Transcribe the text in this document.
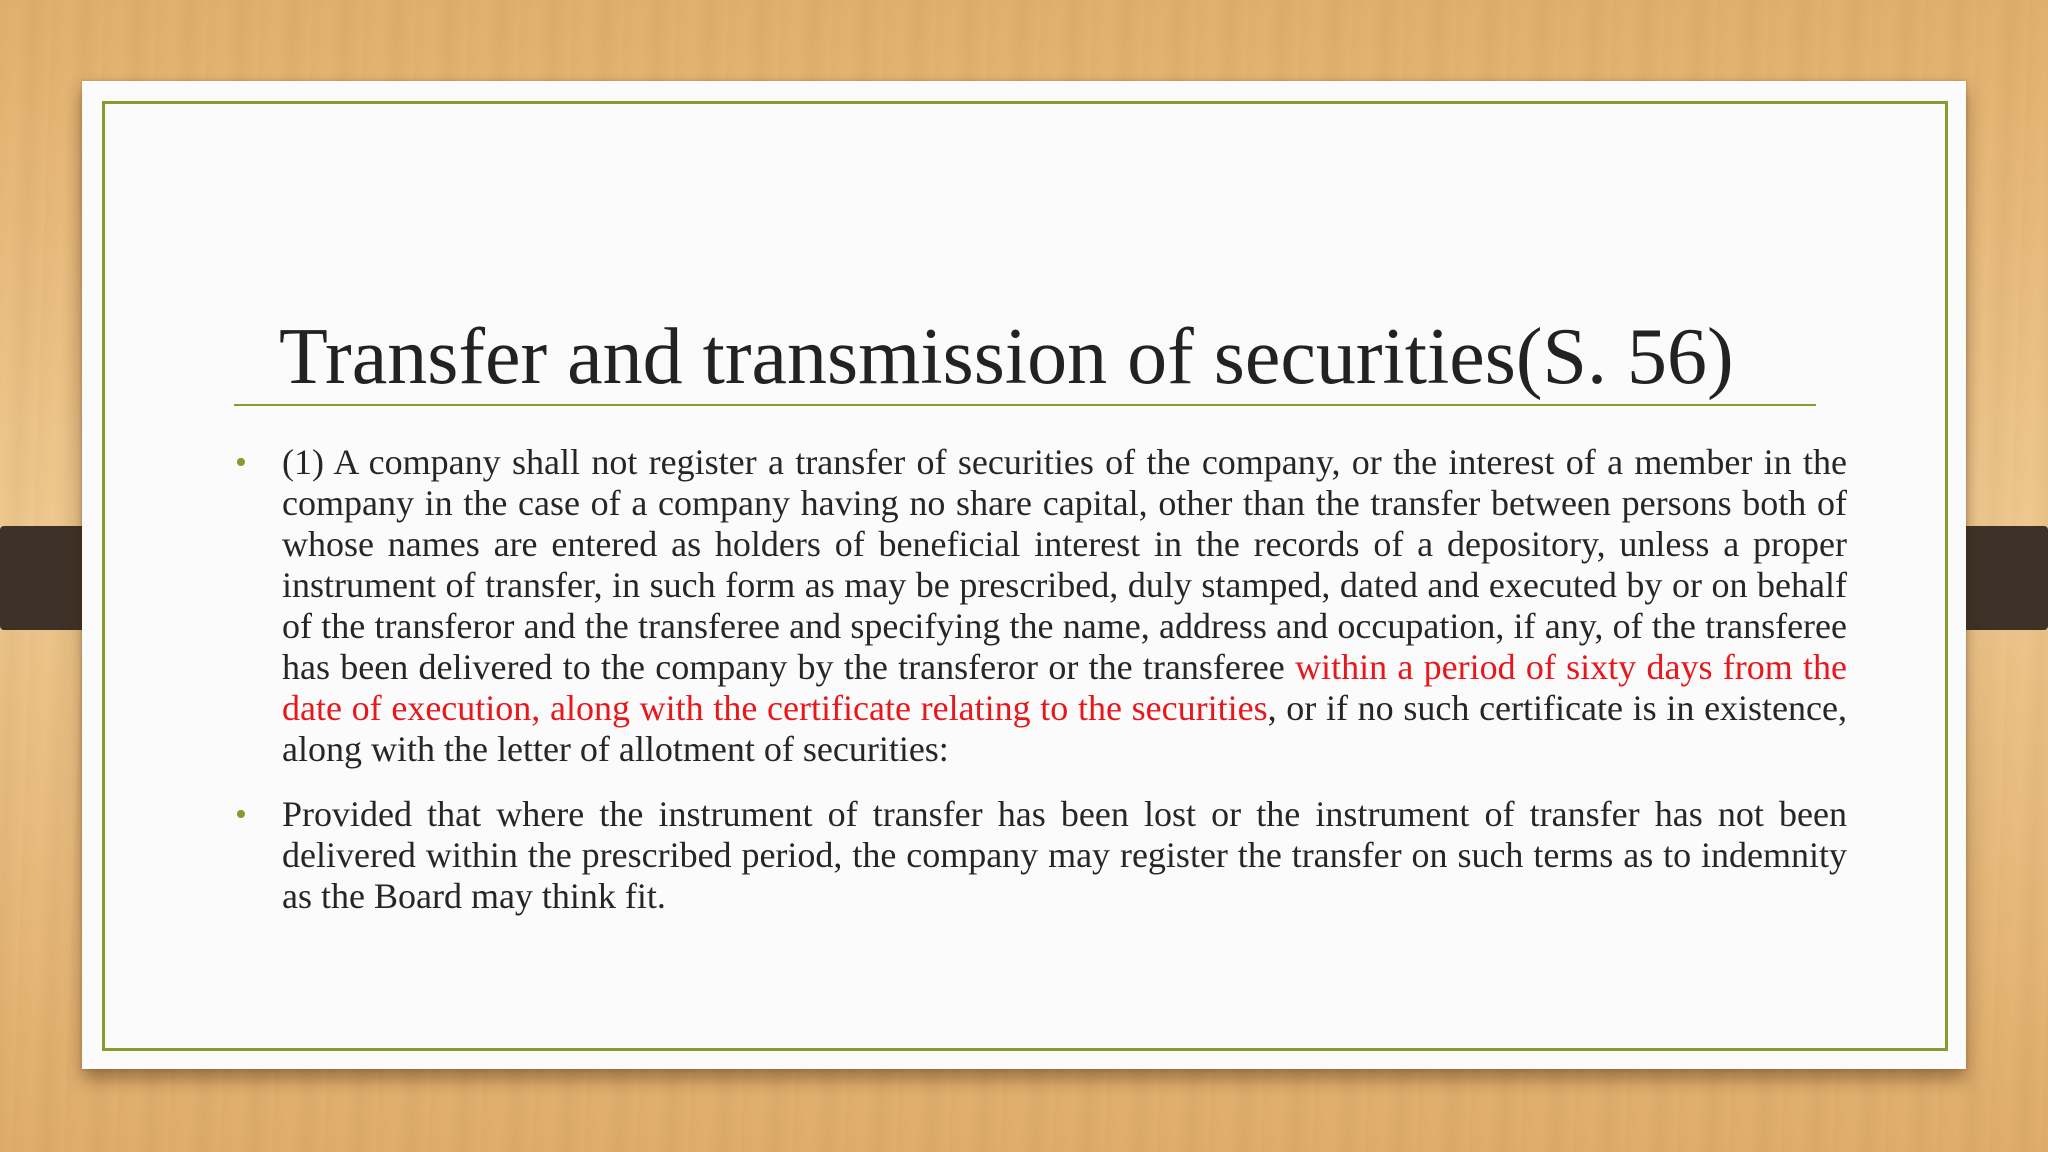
Transfer and transmission of securities(S. 56)
• (1) A company shall not register a transfer of securities of the company, or the interest of a member in the company in the case of a company having no share capital, other than the transfer between persons both of whose names are entered as holders of beneficial interest in the records of a depository, unless a proper instrument of transfer, in such form as may be prescribed, duly stamped, dated and executed by or on behalf of the transferor and the transferee and specifying the name, address and occupation, if any, of the transferee has been delivered to the company by the transferor or the transferee within a period of sixty days from the date of execution, along with the certificate relating to the securities, or if no such certificate is in existence, along with the letter of allotment of securities:
• Provided that where the instrument of transfer has been lost or the instrument of transfer has not been delivered within the prescribed period, the company may register the transfer on such terms as to indemnity as the Board may think fit.
